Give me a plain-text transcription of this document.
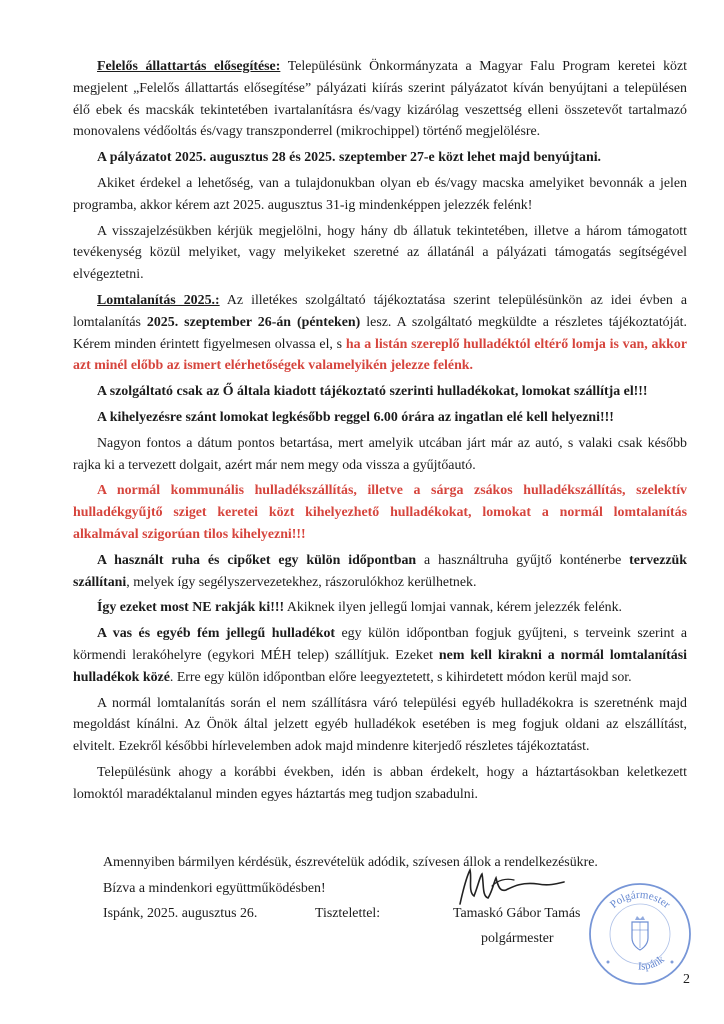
Felelős állattartás elősegítése: Településünk Önkormányzata a Magyar Falu Program keretei közt megjelent „Felelős állattartás elősegítése” pályázati kiírás szerint pályázatot kíván benyújtani a településen élő ebek és macskák tekintetében ivartalanításra és/vagy kizárólag veszettség elleni összetevőt tartalmazó monovalens védőoltás és/vagy transzponderrel (mikrochippel) történő megjelölésre.

A pályázatot 2025. augusztus 28 és 2025. szeptember 27-e közt lehet majd benyújtani.

Akiket érdekel a lehetőség, van a tulajdonukban olyan eb és/vagy macska amelyiket bevonnák a jelen programba, akkor kérem azt 2025. augusztus 31-ig mindenképpen jelezzék felénk!

A visszajelzésükben kérjük megjelölni, hogy hány db állatuk tekintetében, illetve a három támogatott tevékenység közül melyiket, vagy melyikeket szeretné az állatánál a pályázati támogatás segítségével elvégeztetni.

Lomtalanítás 2025.: Az illetékes szolgáltató tájékoztatása szerint településünkön az idei évben a lomtalanítás 2025. szeptember 26-án (pénteken) lesz. A szolgáltató megküldte a részletes tájékoztatóját. Kérem minden érintett figyelmesen olvassa el, s ha a listán szereplő hulladéktól eltérő lomja is van, akkor azt minél előbb az ismert elérhetőségek valamelyikén jelezze felénk.

A szolgáltató csak az Ő általa kiadott tájékoztató szerinti hulladékokat, lomokat szállítja el!!!

A kihelyezésre szánt lomokat legkésőbb reggel 6.00 órára az ingatlan elé kell helyezni!!!

Nagyon fontos a dátum pontos betartása, mert amelyik utcában járt már az autó, s valaki csak később rajka ki a tervezett dolgait, azért már nem megy oda vissza a gyűjtőautó.

A normál kommunális hulladékszállítás, illetve a sárga zsákos hulladékszállítás, szelektív hulladékgyűjtő sziget keretei közt kihelyezhető hulladékokat, lomokat a normál lomtalanítás alkalmával szigorúan tilos kihelyezni!!!

A használt ruha és cipőket egy külön időpontban a használtruha gyűjtő konténerbe tervezzük szállítani, melyek így segélyszervezetekhez, rászorulókhoz kerülhetnek.

Így ezeket most NE rakják ki!!! Akiknek ilyen jellegű lomjai vannak, kérem jelezzék felénk.

A vas és egyéb fém jellegű hulladékot egy külön időpontban fogjuk gyűjteni, s terveink szerint a körmendi lerakóhelyre (egykori MÉH telep) szállítjuk. Ezeket nem kell kirakni a normál lomtalanítási hulladékok közé. Erre egy külön időpontban előre leegyeztetett, s kihirdetett módon kerül majd sor.

A normál lomtalanítás során el nem szállításra váró települési egyéb hulladékokra is szeretnénk majd megoldást kínálni. Az Önök által jelzett egyéb hulladékok esetében is meg fogjuk oldani az elszállítást, elvitelt. Ezekről későbbi hírlevelemben adok majd mindenre kiterjedő részletes tájékoztatást.

Településünk ahogy a korábbi években, idén is abban érdekelt, hogy a háztartásokban keletkezett lomoktól maradéktalanul minden egyes háztartás meg tudjon szabadulni.

Amennyiben bármilyen kérdésük, észrevételük adódik, szívesen állok a rendelkezésükre.
Bízva a mindenkori együttműködésben!
Ispánk, 2025. augusztus 26.	Tisztelettel:	Tamaskó Gábor Tamás
polgármester
Polgármester
Ispánk
2
